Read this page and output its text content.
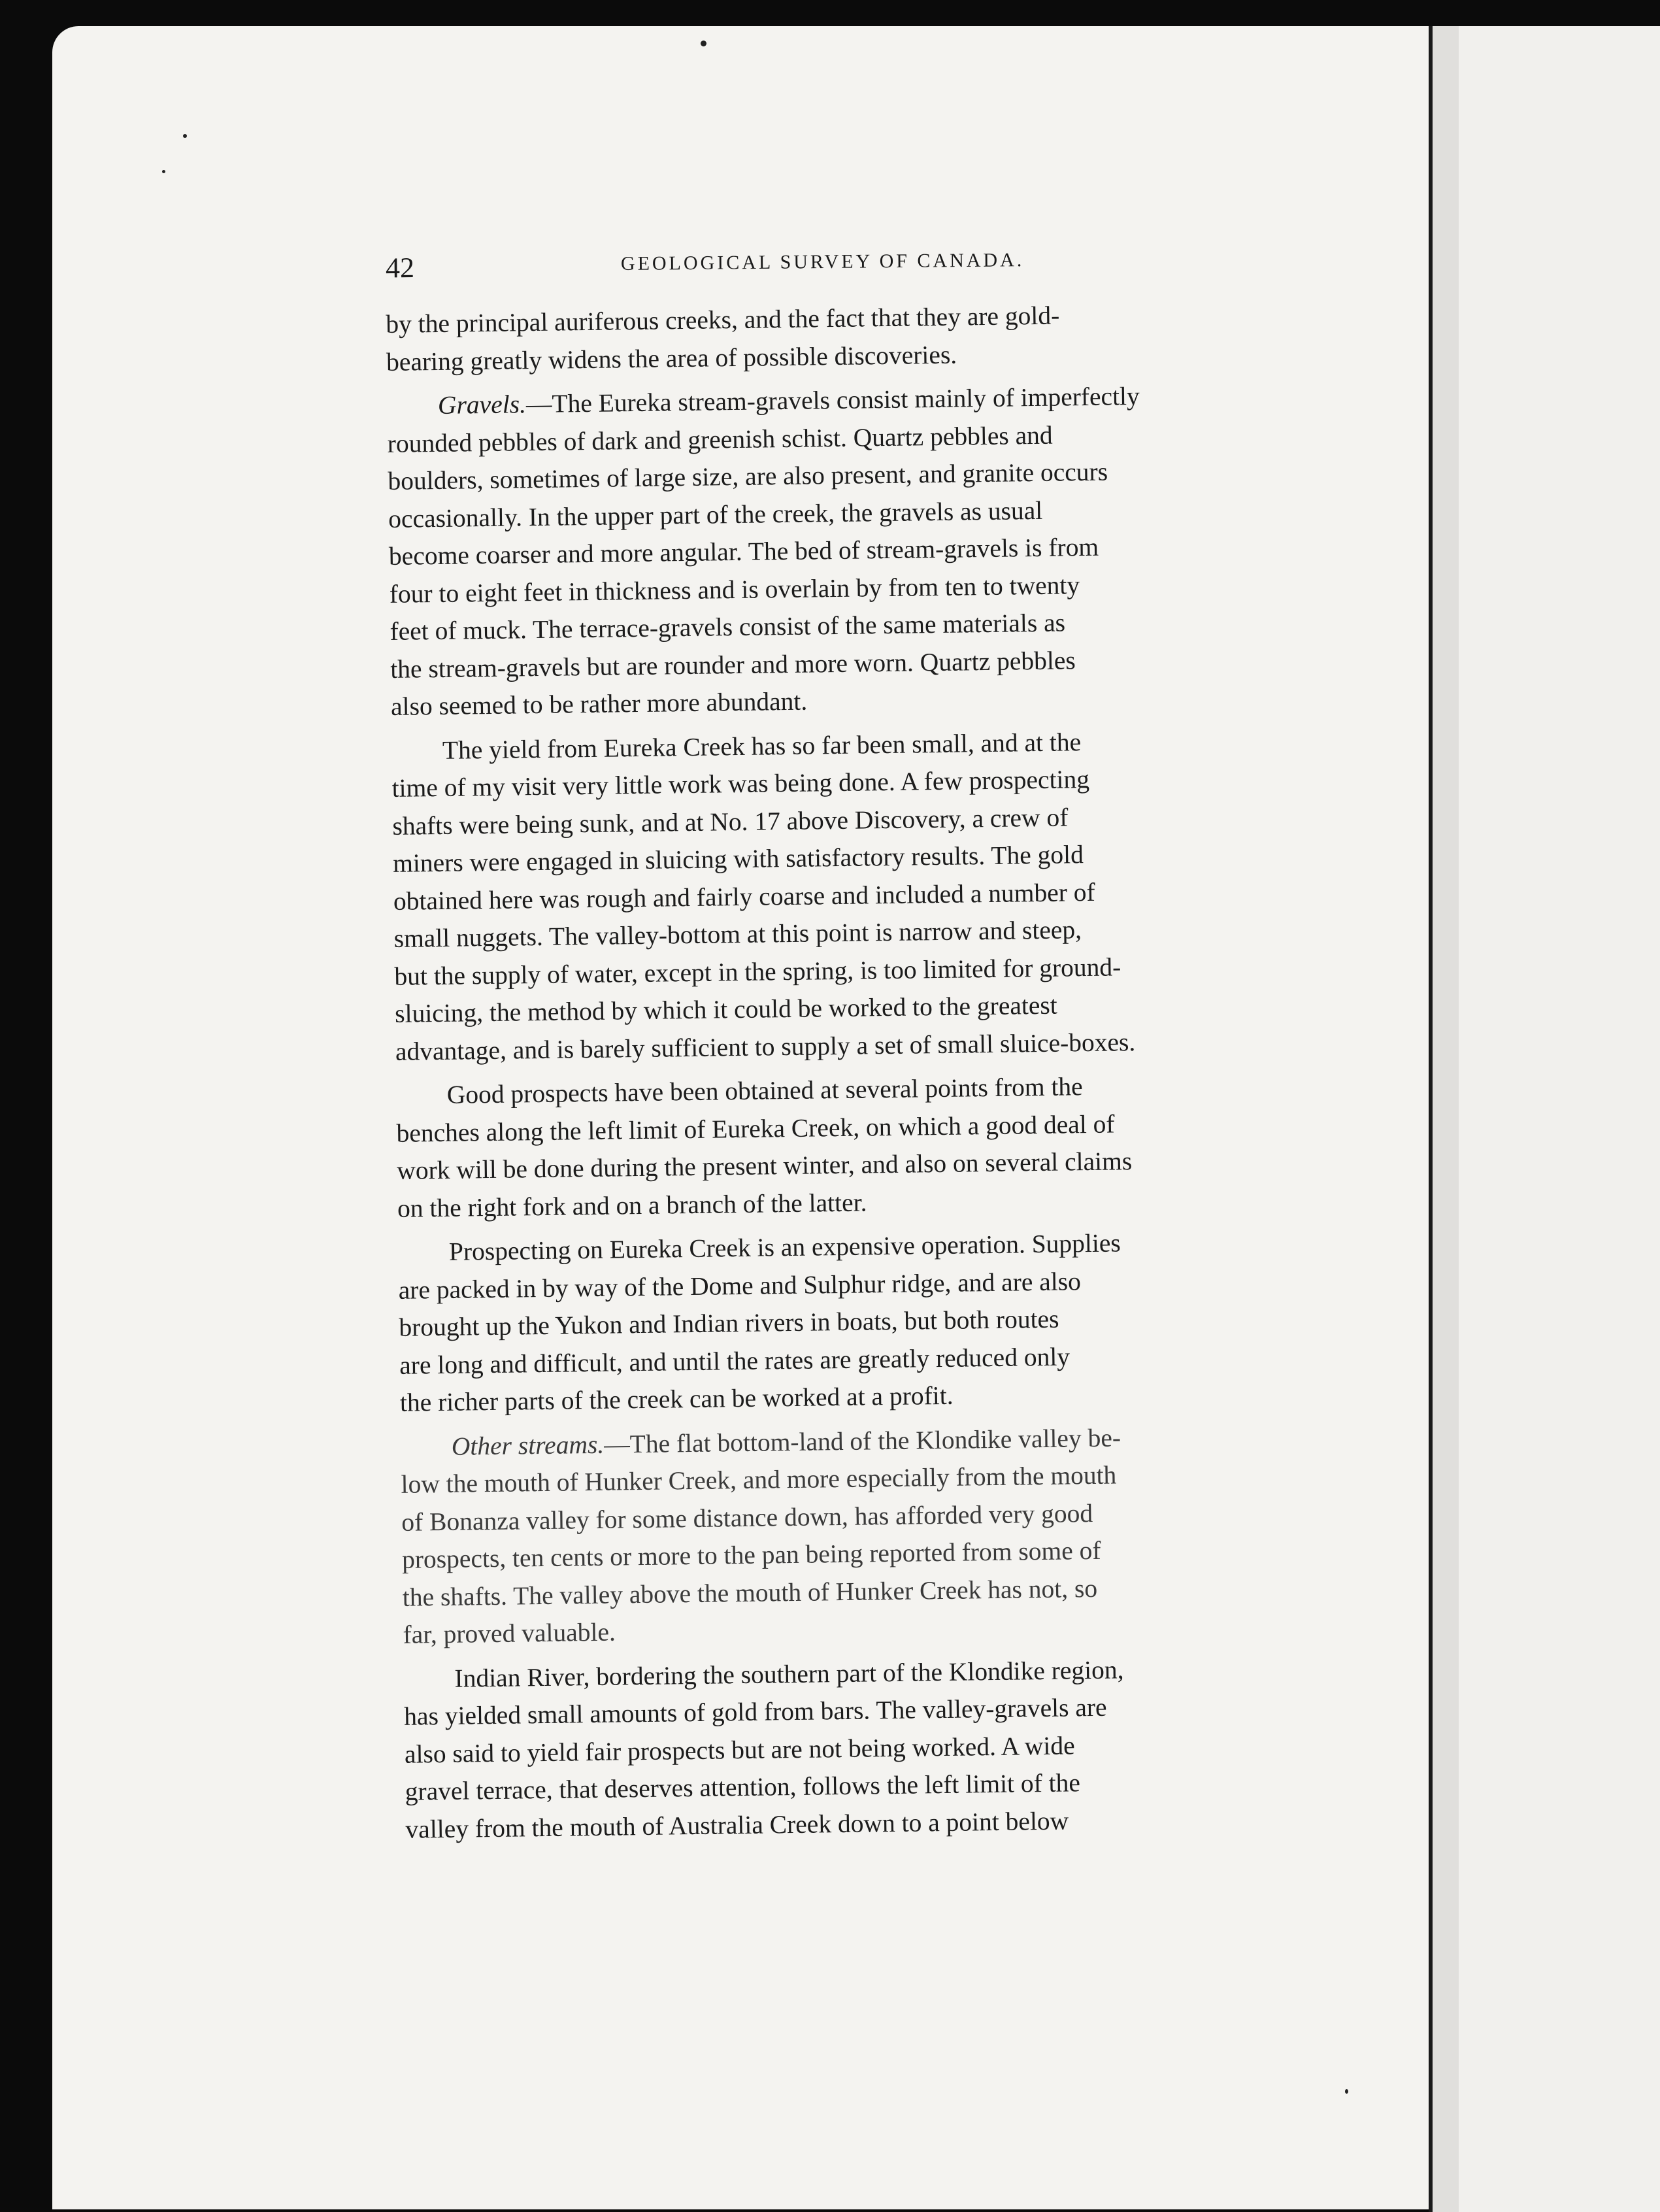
42	GEOLOGICAL SURVEY OF CANADA.

by the principal auriferous creeks, and the fact that they are gold-
bearing greatly widens the area of possible discoveries.

Gravels.—The Eureka stream-gravels consist mainly of imperfectly
rounded pebbles of dark and greenish schist. Quartz pebbles and
boulders, sometimes of large size, are also present, and granite occurs
occasionally. In the upper part of the creek, the gravels as usual
become coarser and more angular. The bed of stream-gravels is from
four to eight feet in thickness and is overlain by from ten to twenty
feet of muck. The terrace-gravels consist of the same materials as
the stream-gravels but are rounder and more worn. Quartz pebbles
also seemed to be rather more abundant.

The yield from Eureka Creek has so far been small, and at the
time of my visit very little work was being done. A few prospecting
shafts were being sunk, and at No. 17 above Discovery, a crew of
miners were engaged in sluicing with satisfactory results. The gold
obtained here was rough and fairly coarse and included a number of
small nuggets. The valley-bottom at this point is narrow and steep,
but the supply of water, except in the spring, is too limited for ground-
sluicing, the method by which it could be worked to the greatest
advantage, and is barely sufficient to supply a set of small sluice-boxes.

Good prospects have been obtained at several points from the
benches along the left limit of Eureka Creek, on which a good deal of
work will be done during the present winter, and also on several claims
on the right fork and on a branch of the latter.

Prospecting on Eureka Creek is an expensive operation. Supplies
are packed in by way of the Dome and Sulphur ridge, and are also
brought up the Yukon and Indian rivers in boats, but both routes
are long and difficult, and until the rates are greatly reduced only
the richer parts of the creek can be worked at a profit.

Other streams.—The flat bottom-land of the Klondike valley be-
low the mouth of Hunker Creek, and more especially from the mouth
of Bonanza valley for some distance down, has afforded very good
prospects, ten cents or more to the pan being reported from some of
the shafts. The valley above the mouth of Hunker Creek has not, so
far, proved valuable.

Indian River, bordering the southern part of the Klondike region,
has yielded small amounts of gold from bars. The valley-gravels are
also said to yield fair prospects but are not being worked. A wide
gravel terrace, that deserves attention, follows the left limit of the
valley from the mouth of Australia Creek down to a point below
